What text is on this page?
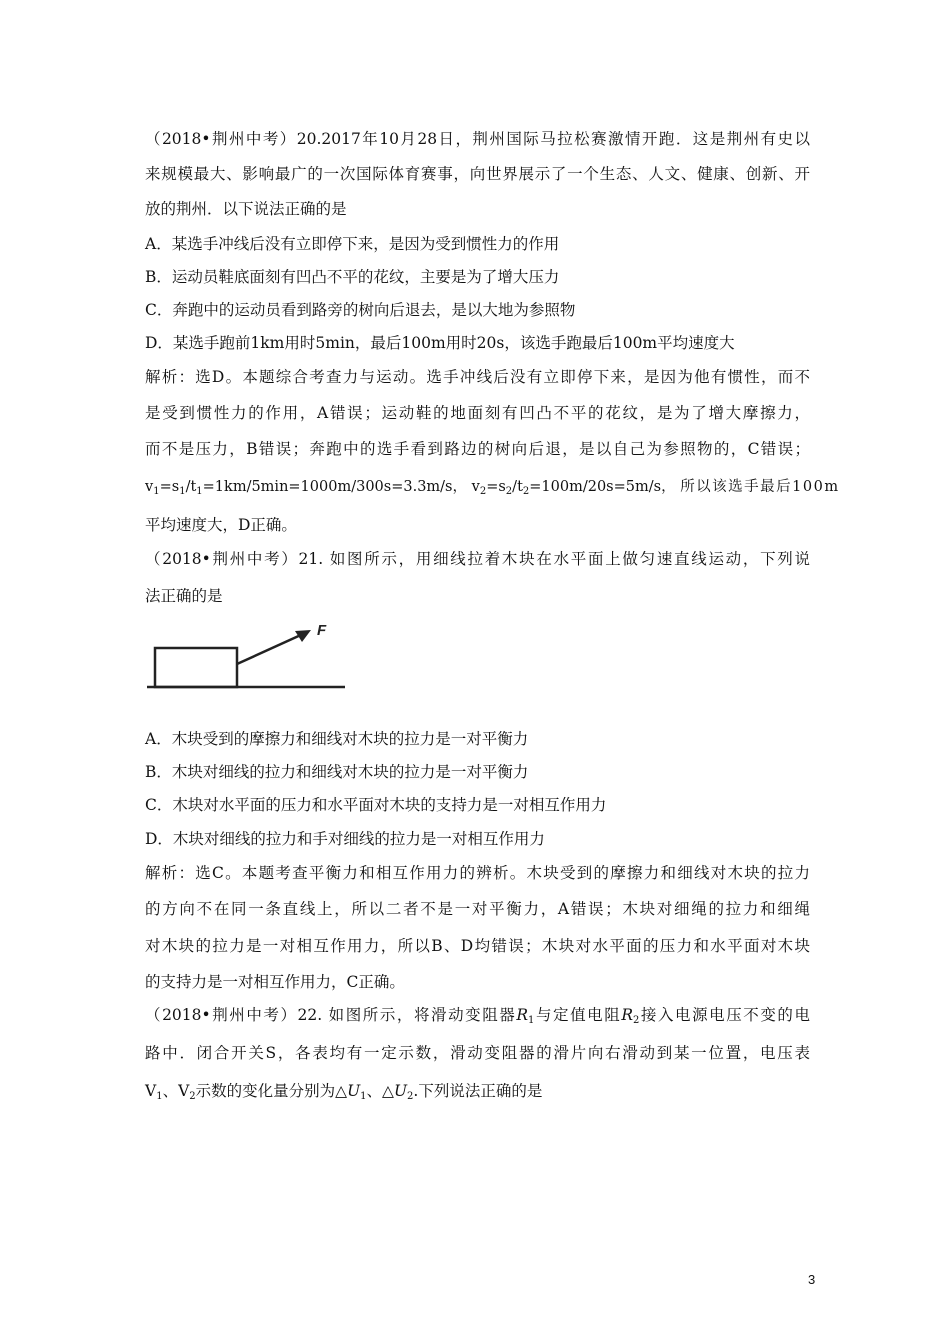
（2018•荆州中考）20.2017年10月28日，荆州国际马拉松赛激情开跑．这是荆州有史以
来规模最大、影响最广的一次国际体育赛事，向世界展示了一个生态、人文、健康、创新、开
放的荆州．以下说法正确的是
A．某选手冲线后没有立即停下来，是因为受到惯性力的作用
B．运动员鞋底面刻有凹凸不平的花纹，主要是为了增大压力
C．奔跑中的运动员看到路旁的树向后退去，是以大地为参照物
D．某选手跑前1km用时5min，最后100m用时20s，该选手跑最后100m平均速度大
解析：选D。本题综合考查力与运动。选手冲线后没有立即停下来，是因为他有惯性，而不
是受到惯性力的作用，A错误；运动鞋的地面刻有凹凸不平的花纹，是为了增大摩擦力，
而不是压力，B错误；奔跑中的选手看到路边的树向后退，是以自己为参照物的，C错误；
$v_1=s_1/t_1=1km/5\min=1000m/300s=3.3m/s$， $v_2=s_2/t_2=100m/20s=5m/s$， 所以该选手最后100m
平均速度大，D正确。
（2018•荆州中考）21. 如图所示，用细线拉着木块在水平面上做匀速直线运动，下列说
法正确的是
F
A．木块受到的摩擦力和细线对木块的拉力是一对平衡力
B．木块对细线的拉力和细线对木块的拉力是一对平衡力
C．木块对水平面的压力和水平面对木块的支持力是一对相互作用力
D．木块对细线的拉力和手对细线的拉力是一对相互作用力
解析：选C。本题考查平衡力和相互作用力的辨析。木块受到的摩擦力和细线对木块的拉力
的方向不在同一条直线上，所以二者不是一对平衡力，A错误；木块对细绳的拉力和细绳
对木块的拉力是一对相互作用力，所以B、D均错误；木块对水平面的压力和水平面对木块
的支持力是一对相互作用力，C正确。
（2018•荆州中考）22. 如图所示，将滑动变阻器$R_1$与定值电阻$R_2$接入电源电压不变的电
路中．闭合开关S，各表均有一定示数，滑动变阻器的滑片向右滑动到某一位置，电压表
$V_1$、$V_2$示数的变化量分别为$\triangle U_1$、$\triangle U_2$.下列说法正确的是
3
